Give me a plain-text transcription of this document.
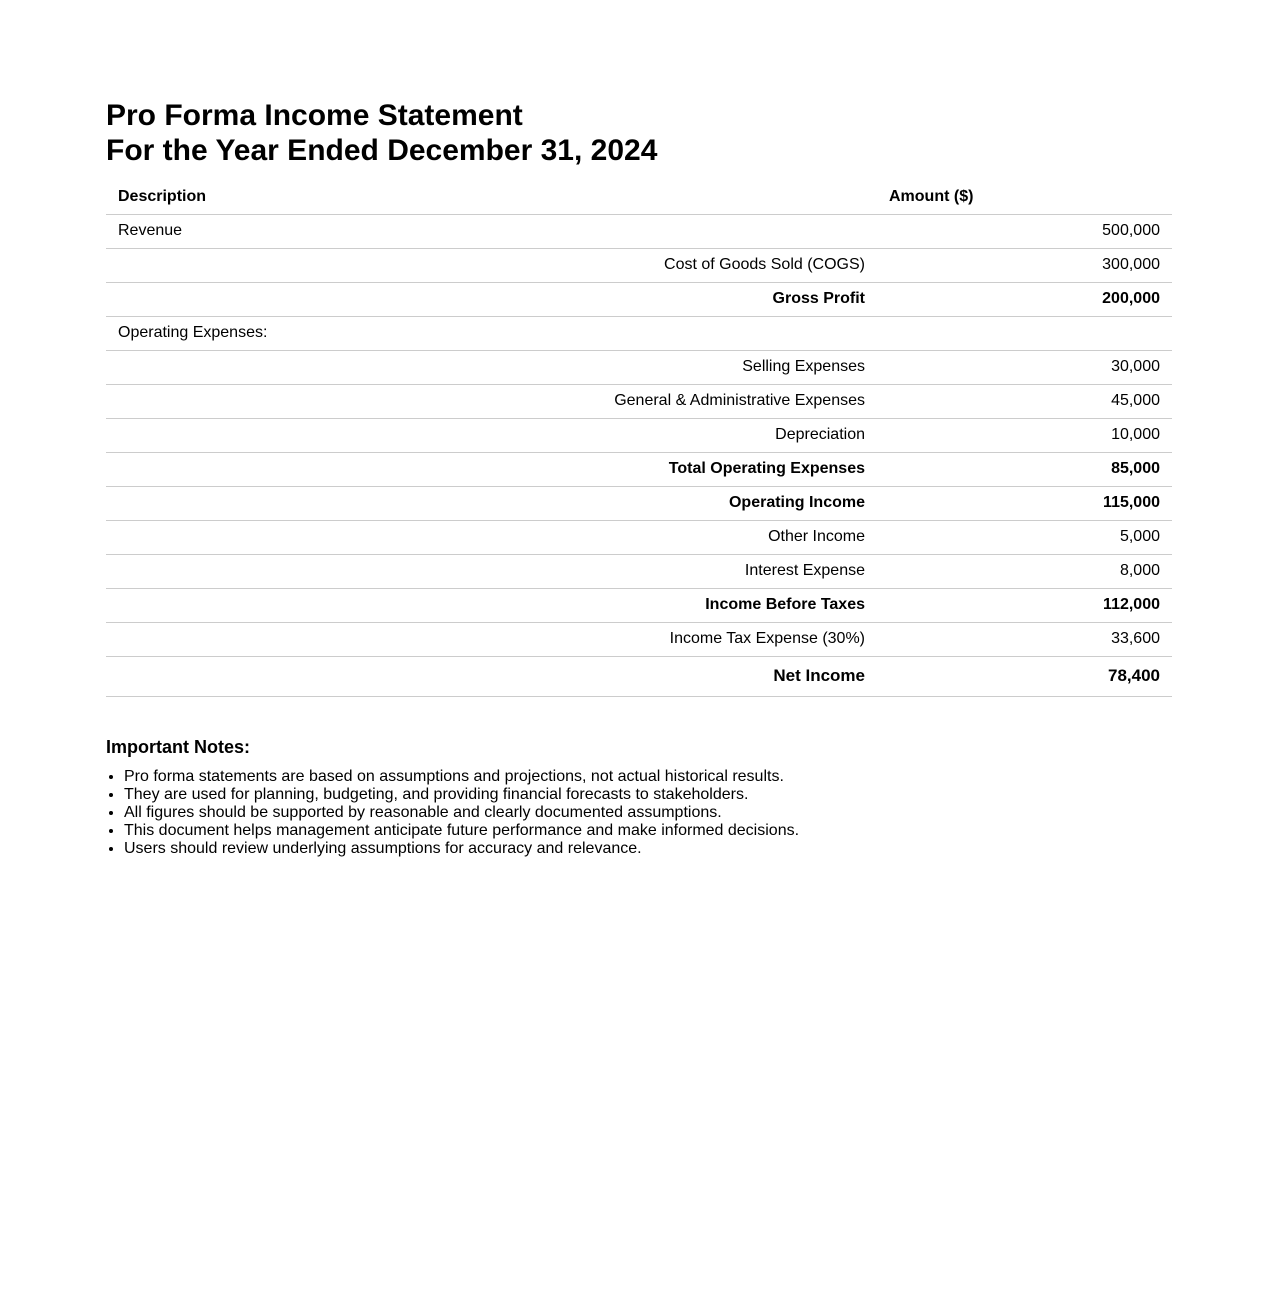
Pro Forma Income Statement
For the Year Ended December 31, 2024
Description	Amount ($)
Revenue	500,000
Cost of Goods Sold (COGS)	300,000
Gross Profit	200,000
Operating Expenses:	
Selling Expenses	30,000
General & Administrative Expenses	45,000
Depreciation	10,000
Total Operating Expenses	85,000
Operating Income	115,000
Other Income	5,000
Interest Expense	8,000
Income Before Taxes	112,000
Income Tax Expense (30%)	33,600
Net Income	78,400
Important Notes:
• Pro forma statements are based on assumptions and projections, not actual historical results.
• They are used for planning, budgeting, and providing financial forecasts to stakeholders.
• All figures should be supported by reasonable and clearly documented assumptions.
• This document helps management anticipate future performance and make informed decisions.
• Users should review underlying assumptions for accuracy and relevance.
